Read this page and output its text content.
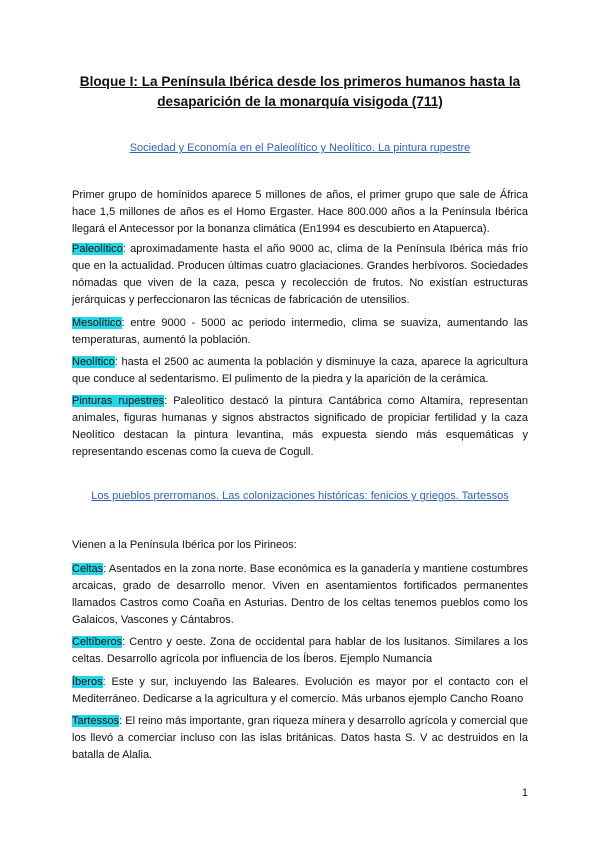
Bloque I: La Península Ibérica desde los primeros humanos hasta la
desaparición de la monarquía visigoda (711)
Sociedad y Economía en el Paleolítico y Neolítico. La pintura rupestre

Primer grupo de homínidos aparece 5 millones de años, el primer grupo que sale de África hace 1,5 millones de años es el Homo Ergaster. Hace 800.000 años a la Península Ibérica llegará el Antecessor por la bonanza climática (En1994 es descubierto en Atapuerca).

Paleolítico: aproximadamente hasta el año 9000 ac, clima de la Península Ibérica más frío que en la actualidad. Producen últimas cuatro glaciaciones. Grandes herbívoros. Sociedades nómadas que viven de la caza, pesca y recolección de frutos. No existían estructuras jerárquicas y perfeccionaron las técnicas de fabricación de utensilios.

Mesolítico: entre 9000 - 5000 ac periodo intermedio, clima se suaviza, aumentando las temperaturas, aumentó la población.

Neolítico: hasta el 2500 ac aumenta la población y disminuye la caza, aparece la agricultura que conduce al sedentarismo. El pulimento de la piedra y la aparición de la cerámica.

Pinturas rupestres: Paleolítico destacó la pintura Cantábrica como Altamira, representan animales, figuras humanas y signos abstractos significado de propiciar fertilidad y la caza Neolítico destacan la pintura levantina, más expuesta siendo más esquemáticas y representando escenas como la cueva de Cogull.

Los pueblos prerromanos. Las colonizaciones históricas: fenicios y griegos. Tartessos

Vienen a la Península Ibérica por los Pirineos:

Celtas: Asentados en la zona norte. Base económica es la ganadería y mantiene costumbres arcaicas, grado de desarrollo menor. Viven en asentamientos fortificados permanentes llamados Castros como Coaña en Asturias. Dentro de los celtas tenemos pueblos como los Galaicos, Vascones y Cántabros.

Celtíberos: Centro y oeste. Zona de occidental para hablar de los lusitanos. Similares a los celtas. Desarrollo agrícola por influencia de los Íberos. Ejemplo Numancia

Íberos: Este y sur, incluyendo las Baleares. Evolución es mayor por el contacto con el Mediterráneo. Dedicarse a la agricultura y el comercio. Más urbanos ejemplo Cancho Roano

Tartessos: El reino más importante, gran riqueza minera y desarrollo agrícola y comercial que los llevó a comerciar incluso con las islas británicas. Datos hasta S. V ac destruidos en la batalla de Alalia.

1
